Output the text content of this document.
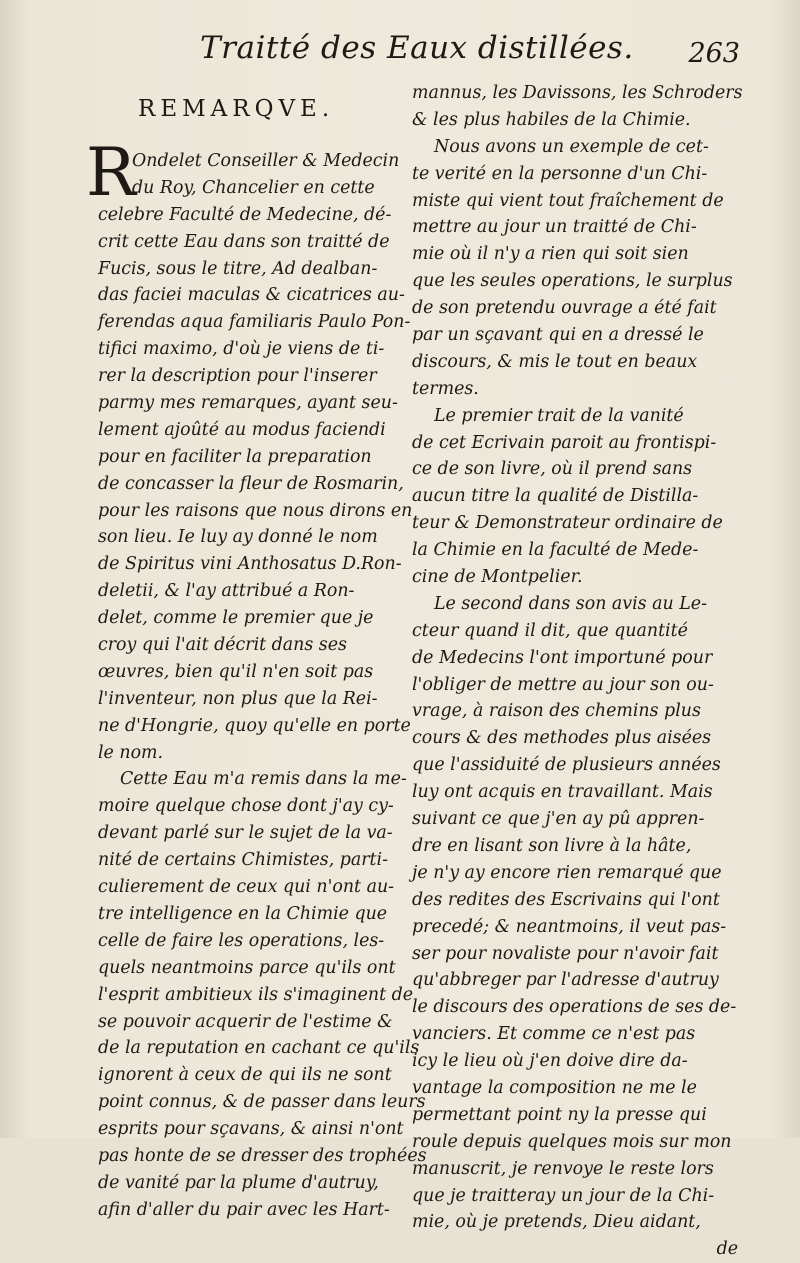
Traitté des Eaux distillées. 263
REMARQVE.
R
Ondelet Conseiller & Medecin
du Roy, Chancelier en cette
celebre Faculté de Medecine, dé-
crit cette Eau dans son traitté de
Fucis, sous le titre, Ad dealban-
das faciei maculas & cicatrices au-
ferendas aqua familiaris Paulo Pon-
tifici maximo, d'où je viens de ti-
rer la description pour l'inserer
parmy mes remarques, ayant seu-
lement ajoûté au modus faciendi
pour en faciliter la preparation
de concasser la fleur de Rosmarin,
pour les raisons que nous dirons en
son lieu. Ie luy ay donné le nom
de Spiritus vini Anthosatus D.Ron-
deletii, & l'ay attribué a Ron-
delet, comme le premier que je
croy qui l'ait décrit dans ses
œuvres, bien qu'il n'en soit pas
l'inventeur, non plus que la Rei-
ne d'Hongrie, quoy qu'elle en porte
le nom.
Cette Eau m'a remis dans la me-
moire quelque chose dont j'ay cy-
devant parlé sur le sujet de la va-
nité de certains Chimistes, parti-
culierement de ceux qui n'ont au-
tre intelligence en la Chimie que
celle de faire les operations, les-
quels neantmoins parce qu'ils ont
l'esprit ambitieux ils s'imaginent de
se pouvoir acquerir de l'estime &
de la reputation en cachant ce qu'ils
ignorent à ceux de qui ils ne sont
point connus, & de passer dans leurs
esprits pour sçavans, & ainsi n'ont
pas honte de se dresser des trophées
de vanité par la plume d'autruy,
afin d'aller du pair avec les Hart-
mannus, les Davissons, les Schroders
& les plus habiles de la Chimie.
Nous avons un exemple de cet-
te verité en la personne d'un Chi-
miste qui vient tout fraîchement de
mettre au jour un traitté de Chi-
mie où il n'y a rien qui soit sien
que les seules operations, le surplus
de son pretendu ouvrage a été fait
par un sçavant qui en a dressé le
discours, & mis le tout en beaux
termes.
Le premier trait de la vanité
de cet Ecrivain paroit au frontispi-
ce de son livre, où il prend sans
aucun titre la qualité de Distilla-
teur & Demonstrateur ordinaire de
la Chimie en la faculté de Mede-
cine de Montpelier.
Le second dans son avis au Le-
cteur quand il dit, que quantité
de Medecins l'ont importuné pour
l'obliger de mettre au jour son ou-
vrage, à raison des chemins plus
cours & des methodes plus aisées
que l'assiduité de plusieurs années
luy ont acquis en travaillant. Mais
suivant ce que j'en ay pû appren-
dre en lisant son livre à la hâte,
je n'y ay encore rien remarqué que
des redites des Escrivains qui l'ont
precedé; & neantmoins, il veut pas-
ser pour novaliste pour n'avoir fait
qu'abbreger par l'adresse d'autruy
le discours des operations de ses de-
vanciers. Et comme ce n'est pas
icy le lieu où j'en doive dire da-
vantage la composition ne me le
permettant point ny la presse qui
roule depuis quelques mois sur mon
manuscrit, je renvoye le reste lors
que je traitteray un jour de la Chi-
mie, où je pretends, Dieu aidant,
de
